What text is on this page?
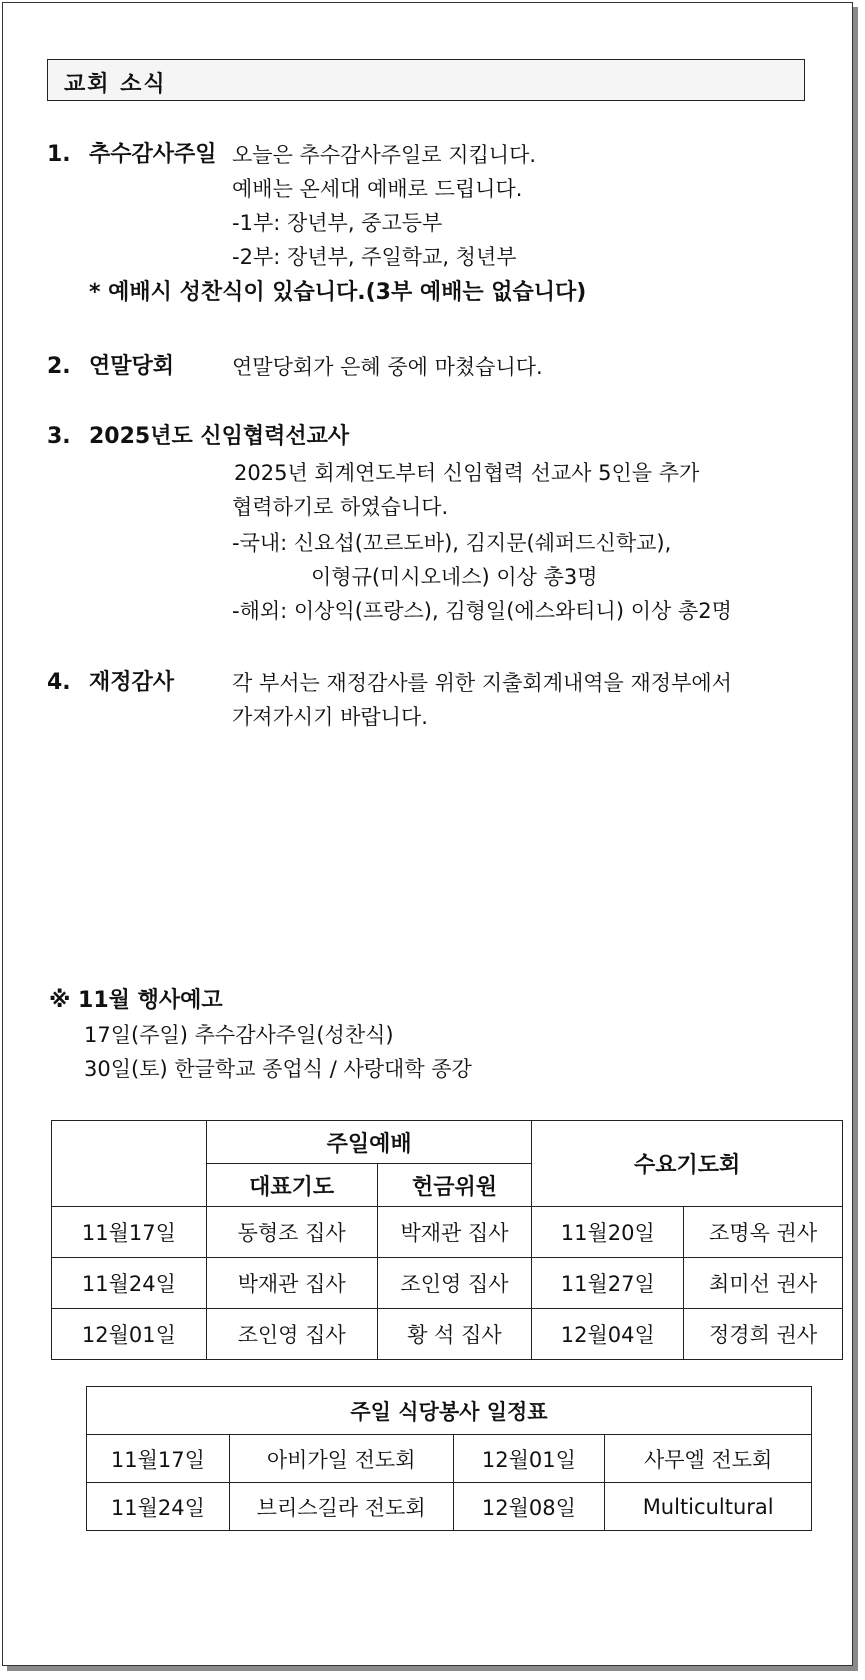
교회 소식
1. 추수감사주일 오늘은 추수감사주일로 지킵니다.
예배는 온세대 예배로 드립니다.
-1부: 장년부, 중고등부
-2부: 장년부, 주일학교, 청년부
* 예배시 성찬식이 있습니다.(3부 예배는 없습니다)
2. 연말당회	연말당회가 은혜 중에 마쳤습니다.
3. 2025년도 신임협력선교사
2025년 회계연도부터 신임협력 선교사 5인을 추가
협력하기로 하였습니다.
-국내: 신요섭(꼬르도바), 김지문(쉐퍼드신학교),
이형규(미시오네스) 이상 총3명
-해외: 이상익(프랑스), 김형일(에스와티니) 이상 총2명
4. 재정감사	각 부서는 재정감사를 위한 지출회계내역을 재정부에서
가져가시기 바랍니다.
※ 11월 행사예고
17일(주일) 추수감사주일(성찬식)
30일(토) 한글학교 종업식 / 사랑대학 종강
	주일예배		수요기도회	
	대표기도	헌금위원		
11월17일	동형조 집사	박재관 집사	11월20일	조명옥 권사
11월24일	박재관 집사	조인영 집사	11월27일	최미선 권사
12월01일	조인영 집사	황 석 집사	12월04일	정경희 권사
주일 식당봉사 일정표			
11월17일	아비가일 전도회	12월01일	사무엘 전도회
11월24일	브리스길라 전도회	12월08일	Multicultural
